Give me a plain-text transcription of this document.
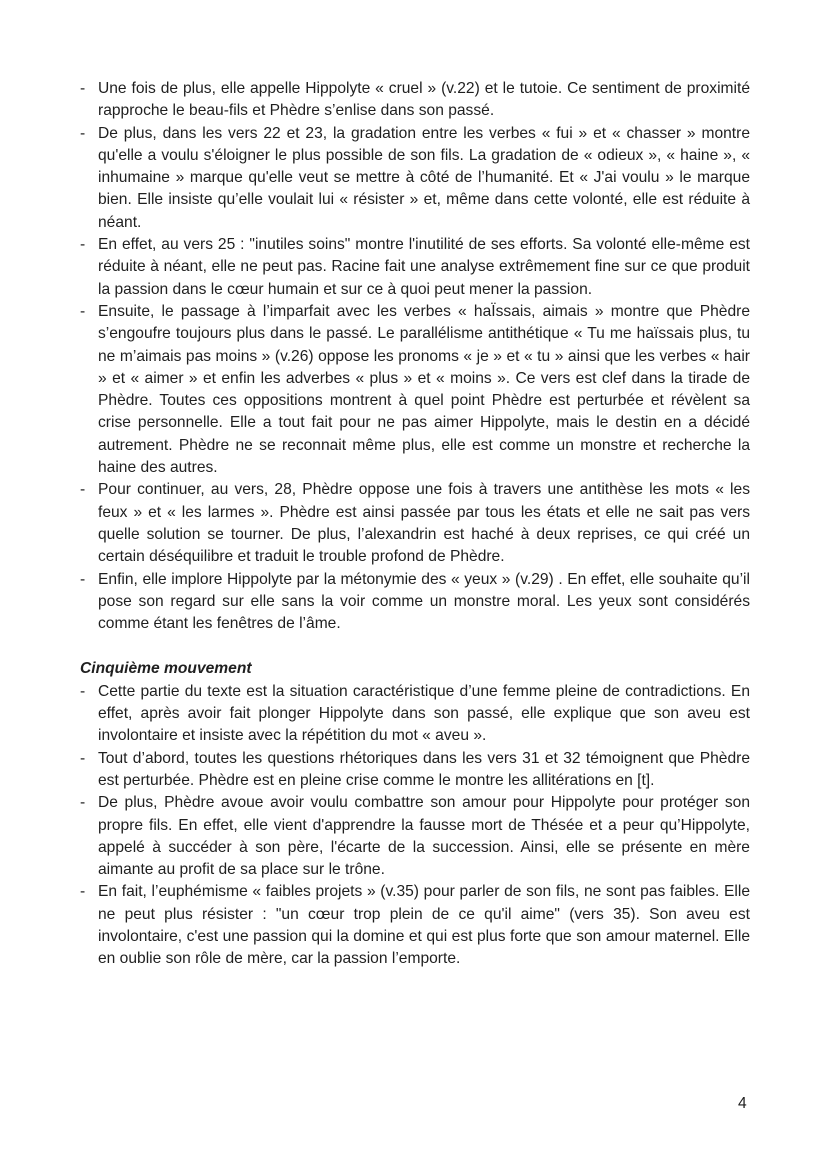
- Une fois de plus, elle appelle Hippolyte « cruel » (v.22) et le tutoie. Ce sentiment de proximité rapproche le beau-fils et Phèdre s’enlise dans son passé.
- De plus, dans les vers 22 et 23, la gradation entre les verbes « fui » et « chasser » montre qu'elle a voulu s'éloigner le plus possible de son fils. La gradation de « odieux », « haine », « inhumaine » marque qu'elle veut se mettre à côté de l’humanité. Et « J'ai voulu » le marque bien. Elle insiste qu’elle voulait lui « résister » et, même dans cette volonté, elle est réduite à néant.
- En effet, au vers 25 : "inutiles soins" montre l'inutilité de ses efforts. Sa volonté elle-même est réduite à néant, elle ne peut pas. Racine fait une analyse extrêmement fine sur ce que produit la passion dans le cœur humain et sur ce à quoi peut mener la passion.
- Ensuite, le passage à l’imparfait avec les verbes « haÏssais, aimais » montre que Phèdre s’engoufre toujours plus dans le passé. Le parallélisme antithétique « Tu me haïssais plus, tu ne m’aimais pas moins » (v.26) oppose les pronoms « je » et « tu » ainsi que les verbes « hair » et « aimer » et enfin les adverbes « plus » et « moins ». Ce vers est clef dans la tirade de Phèdre. Toutes ces oppositions montrent à quel point Phèdre est perturbée et révèlent sa crise personnelle. Elle a tout fait pour ne pas aimer Hippolyte, mais le destin en a décidé autrement. Phèdre ne se reconnait même plus, elle est comme un monstre et recherche la haine des autres.
- Pour continuer, au vers, 28, Phèdre oppose une fois à travers une antithèse les mots « les feux » et « les larmes ». Phèdre est ainsi passée par tous les états et elle ne sait pas vers quelle solution se tourner. De plus, l’alexandrin est haché à deux reprises, ce qui créé un certain déséquilibre et traduit le trouble profond de Phèdre.
- Enfin, elle implore Hippolyte par la métonymie des « yeux » (v.29) . En effet, elle souhaite qu’il pose son regard sur elle sans la voir comme un monstre moral. Les yeux sont considérés comme étant les fenêtres de l’âme.
Cinquième mouvement
- Cette partie du texte est la situation caractéristique d’une femme pleine de contradictions. En effet, après avoir fait plonger Hippolyte dans son passé, elle explique que son aveu est involontaire et insiste avec la répétition du mot « aveu ».
- Tout d’abord, toutes les questions rhétoriques dans les vers 31 et 32 témoignent que Phèdre est perturbée. Phèdre est en pleine crise comme le montre les allitérations en [t].
- De plus, Phèdre avoue avoir voulu combattre son amour pour Hippolyte pour protéger son propre fils. En effet, elle vient d'apprendre la fausse mort de Thésée et a peur qu’Hippolyte, appelé à succéder à son père, l'écarte de la succession. Ainsi, elle se présente en mère aimante au profit de sa place sur le trône.
- En fait, l’euphémisme « faibles projets » (v.35) pour parler de son fils, ne sont pas faibles. Elle ne peut plus résister : "un cœur trop plein de ce qu'il aime" (vers 35). Son aveu est involontaire, c'est une passion qui la domine et qui est plus forte que son amour maternel. Elle en oublie son rôle de mère, car la passion l’emporte.
4
